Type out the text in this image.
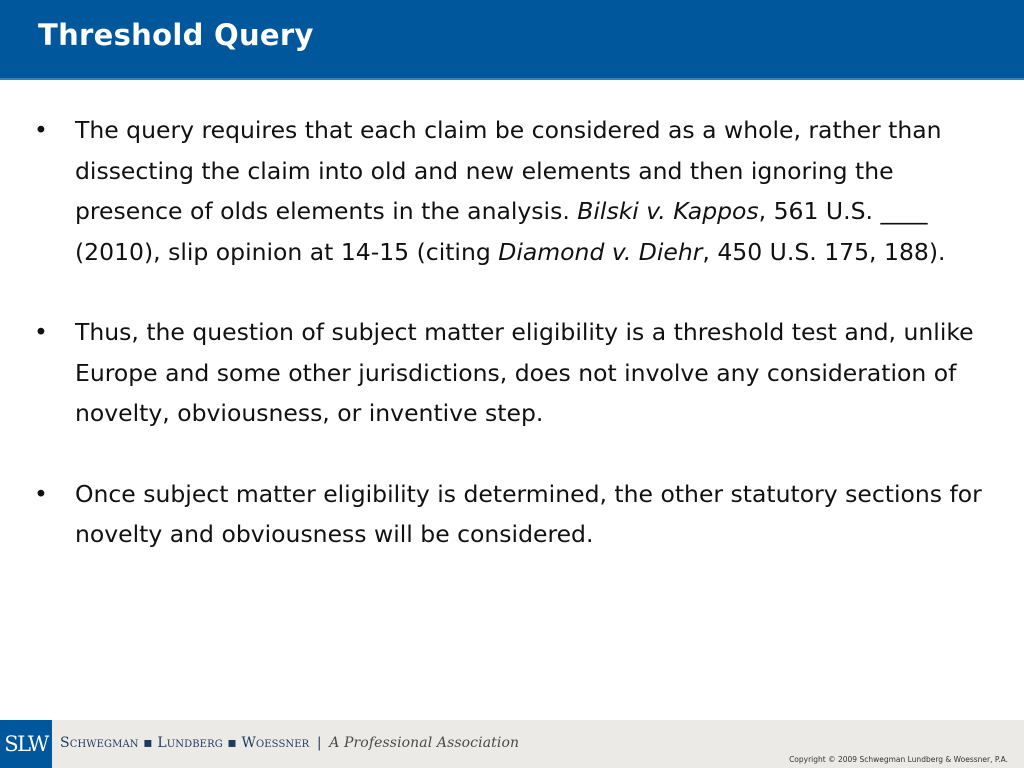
Threshold Query
• The query requires that each claim be considered as a whole, rather than dissecting the claim into old and new elements and then ignoring the presence of olds elements in the analysis. Bilski v. Kappos, 561 U.S. ____ (2010), slip opinion at 14-15 (citing Diamond v. Diehr, 450 U.S. 175, 188).
• Thus, the question of subject matter eligibility is a threshold test and, unlike Europe and some other jurisdictions, does not involve any consideration of novelty, obviousness, or inventive step.
• Once subject matter eligibility is determined, the other statutory sections for novelty and obviousness will be considered.
SLW Schwegman ▪ Lundberg ▪ Woessner | A Professional Association
Copyright © 2009 Schwegman Lundberg & Woessner, P.A.
